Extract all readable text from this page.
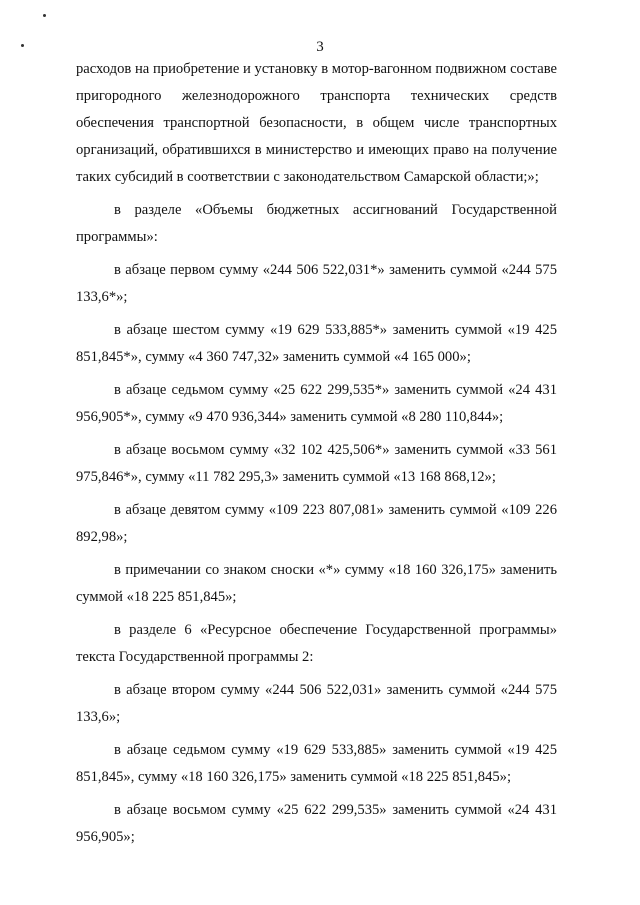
3

расходов на приобретение и установку в мотор-вагонном подвижном составе пригородного железнодорожного транспорта технических средств обеспечения транспортной безопасности, в общем числе транспортных организаций, обратившихся в министерство и имеющих право на получение таких субсидий в соответствии с законодательством Самарской области;»;

в разделе «Объемы бюджетных ассигнований Государственной программы»:

в абзаце первом сумму «244 506 522,031*» заменить суммой «244 575 133,6*»;

в абзаце шестом сумму «19 629 533,885*» заменить суммой «19 425 851,845*», сумму «4 360 747,32» заменить суммой «4 165 000»;

в абзаце седьмом сумму «25 622 299,535*» заменить суммой «24 431 956,905*», сумму «9 470 936,344» заменить суммой «8 280 110,844»;

в абзаце восьмом сумму «32 102 425,506*» заменить суммой «33 561 975,846*», сумму «11 782 295,3» заменить суммой «13 168 868,12»;

в абзаце девятом сумму «109 223 807,081» заменить суммой «109 226 892,98»;

в примечании со знаком сноски «*» сумму «18 160 326,175» заменить суммой «18 225 851,845»;

в разделе 6 «Ресурсное обеспечение Государственной программы» текста Государственной программы 2:

в абзаце втором сумму «244 506 522,031» заменить суммой «244 575 133,6»;

в абзаце седьмом сумму «19 629 533,885» заменить суммой «19 425 851,845», сумму «18 160 326,175» заменить суммой «18 225 851,845»;

в абзаце восьмом сумму «25 622 299,535» заменить суммой «24 431 956,905»;
